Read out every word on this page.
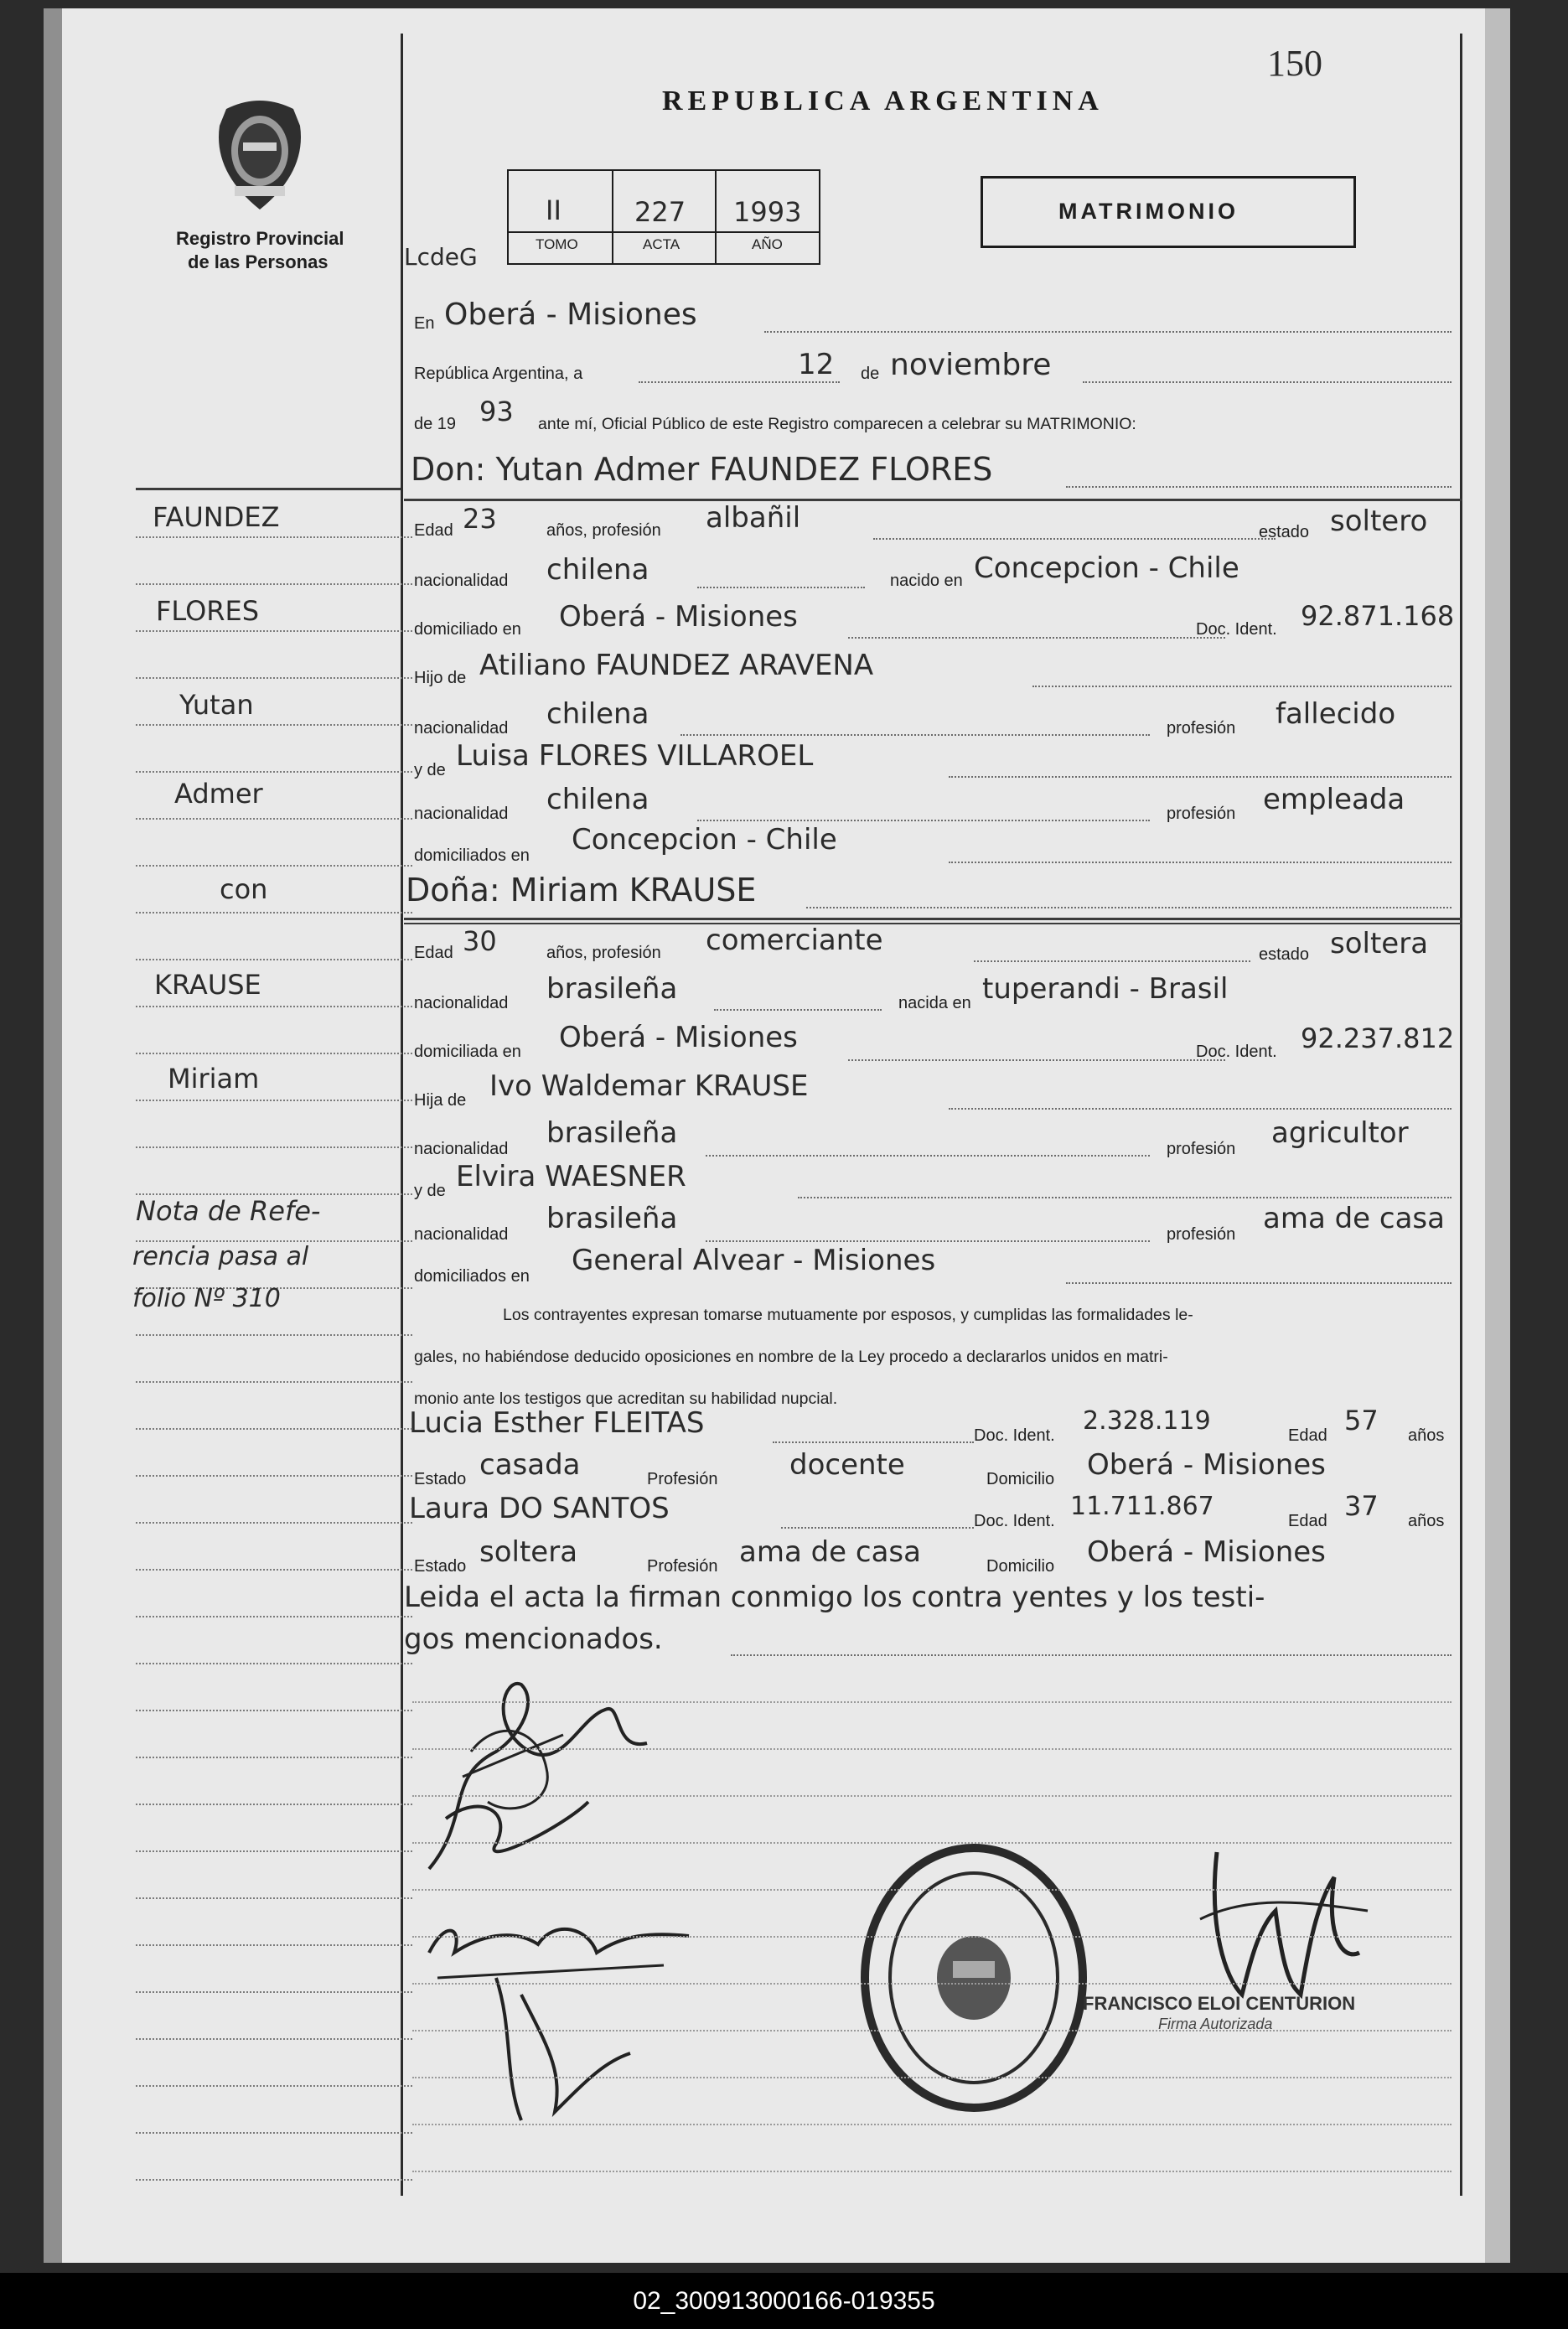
150
Registro Provincial
de las Personas
REPUBLICA ARGENTINA
LcdeG
II	227 1993
TOMO	ACTA	AÑO
MATRIMONIO
En Oberá - Misiones
República Argentina, a	12 de noviembre
de 19 93 ante mí, Oficial Público de este Registro comparecen a celebrar su MATRIMONIO:
Don: Yutan Admer FAUNDEZ FLORES
Edad 23	años, profesión albañil	estado soltero
nacionalidad chilena	nacido en Concepcion - Chile
domiciliado en Oberá - Misiones	Doc. Ident. 92.871.168
Hijo de Atiliano FAUNDEZ ARAVENA
nacionalidad chilena	profesión fallecido
y de Luisa FLORES VILLAROEL
nacionalidad chilena	profesión empleada
domiciliados en Concepcion - Chile
Doña: Miriam KRAUSE
Edad 30	años, profesión comerciante	estado soltera
nacionalidad brasileña	nacida en tuperandi - Brasil
domiciliada en Oberá - Misiones	Doc. Ident. 92.237.812
Hija de Ivo Waldemar KRAUSE
nacionalidad brasileña	profesión agricultor
y de Elvira WAESNER
nacionalidad brasileña	profesión ama de casa
domiciliados en General Alvear - Misiones
Los contrayentes expresan tomarse mutuamente por esposos, y cumplidas las formalidades le-
gales, no habiéndose deducido oposiciones en nombre de la Ley procedo a declararlos unidos en matri-
monio ante los testigos que acreditan su habilidad nupcial.
Lucia Esther FLEITAS	Doc. Ident. 2.328.119	Edad 57 años
Estado casada	Profesión	docente	Domicilio Oberá - Misiones
Laura DO SANTOS	Doc. Ident. 11.711.867	Edad 37 años
Estado soltera	Profesión ama de casa	Domicilio Oberá - Misiones
Leida el acta la firman conmigo los contra yentes y los testi-
gos mencionados.
FRANCISCO ELOI CENTURION
Firma Autorizada
FAUNDEZ
FLORES
Yutan
Admer
con
KRAUSE
Miriam
Nota de Refe-
rencia pasa al
folio Nº 310
02_300913000166-019355
